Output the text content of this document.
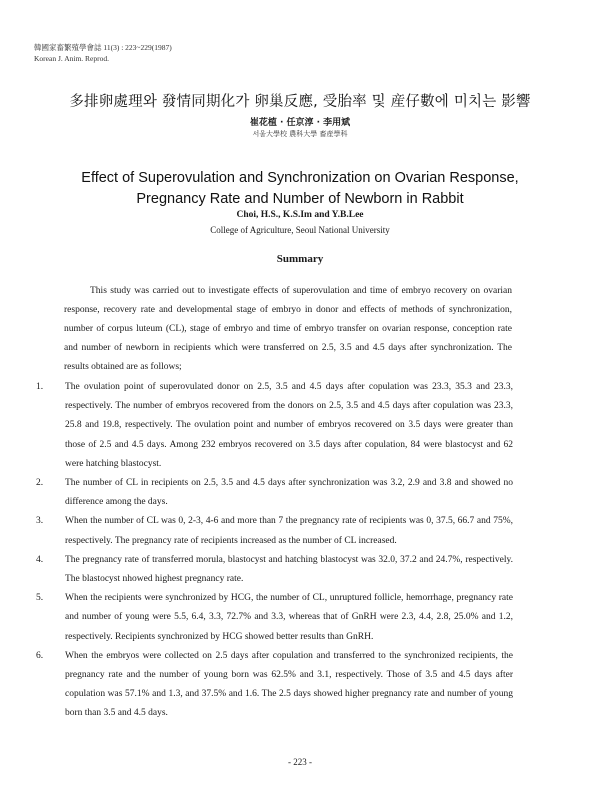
韓國家畜繁殖學會誌 11(3) : 223~229(1987)
Korean J. Anim. Reprod.
多排卵處理와 發情同期化가 卵巢反應, 受胎率 및 産仔數에 미치는 影響
崔花植 · 任京淳 · 李用斌
서울大學校 農科大學 畜産學科
Effect of Superovulation and Synchronization on Ovarian Response,
Pregnancy Rate and Number of Newborn in Rabbit
Choi, H.S., K.S.Im and Y.B.Lee
College of Agriculture, Seoul National University
Summary

This study was carried out to investigate effects of superovulation and time of embryo recovery on ovarian response, recovery rate and developmental stage of embryo in donor and effects of methods of synchronization, number of corpus luteum (CL), stage of embryo and time of embryo transfer on ovarian response, conception rate and number of newborn in recipients which were transferred on 2.5, 3.5 and 4.5 days after synchronization. The results obtained are as follows;

1. The ovulation point of superovulated donor on 2.5, 3.5 and 4.5 days after copulation was 23.3, 35.3 and 23.3, respectively. The number of embryos recovered from the donors on 2.5, 3.5 and 4.5 days after copulation was 23.3, 25.8 and 19.8, respectively. The ovulation point and number of embryos recovered on 3.5 days were greater than those of 2.5 and 4.5 days. Among 232 embryos recovered on 3.5 days after copulation, 84 were blastocyst and 62 were hatching blastocyst.
2. The number of CL in recipients on 2.5, 3.5 and 4.5 days after synchronization was 3.2, 2.9 and 3.8 and showed no difference among the days.
3. When the number of CL was 0, 2-3, 4-6 and more than 7 the pregnancy rate of recipients was 0, 37.5, 66.7 and 75%, respectively. The pregnancy rate of recipients increased as the number of CL increased.
4. The pregnancy rate of transferred morula, blastocyst and hatching blastocyst was 32.0, 37.2 and 24.7%, respectively. The blastocyst nhowed highest pregnancy rate.
5. When the recipients were synchronized by HCG, the number of CL, unruptured follicle, hemorrhage, pregnancy rate and number of young were 5.5, 6.4, 3.3, 72.7% and 3.3, whereas that of GnRH were 2.3, 4.4, 2.8, 25.0% and 1.2, respectively. Recipients synchronized by HCG showed better results than GnRH.
6. When the embryos were collected on 2.5 days after copulation and transferred to the synchronized recipients, the pregnancy rate and the number of young born was 62.5% and 3.1, respectively. Those of 3.5 and 4.5 days after copulation was 57.1% and 1.3, and 37.5% and 1.6. The 2.5 days showed higher pregnancy rate and number of young born than 3.5 and 4.5 days.
- 223 -
